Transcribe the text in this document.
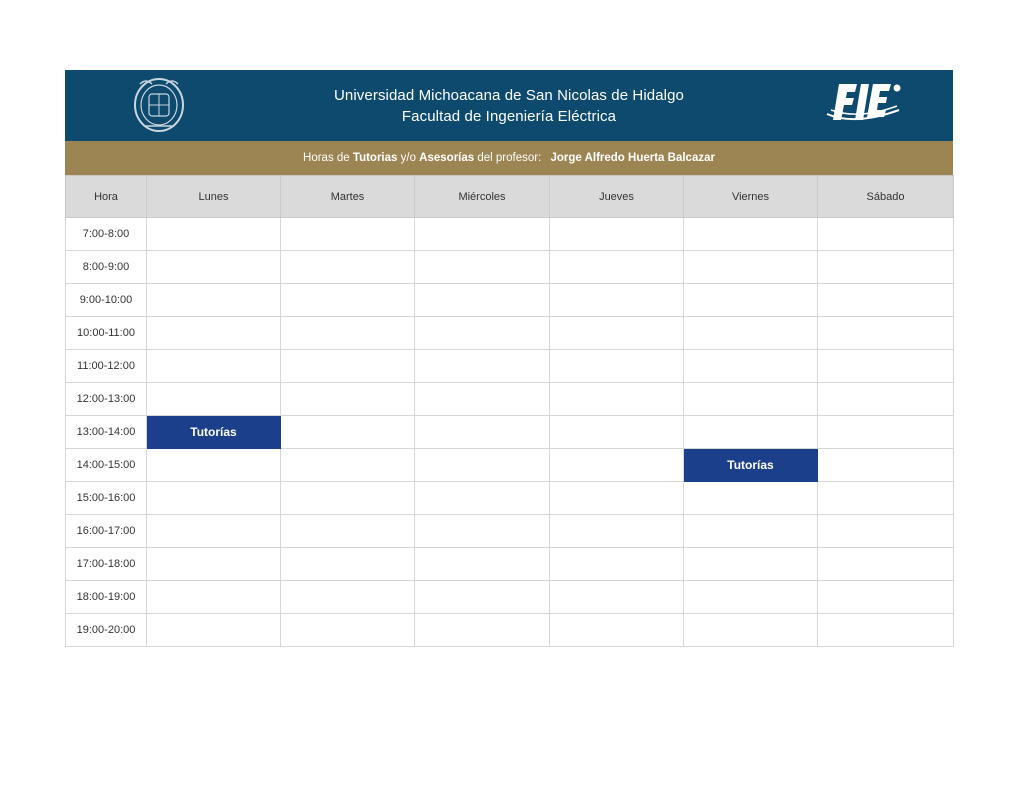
Universidad Michoacana de San Nicolas de Hidalgo
Facultad de Ingeniería Eléctrica
Horas de Tutorias y/o Asesorías del profesor: Jorge Alfredo Huerta Balcazar
Hora	Lunes	Martes	Miércoles	Jueves	Viernes	Sábado
7:00-8:00						
8:00-9:00						
9:00-10:00						
10:00-11:00						
11:00-12:00						
12:00-13:00						
13:00-14:00	Tutorías					
14:00-15:00					Tutorías	
15:00-16:00						
16:00-17:00						
17:00-18:00						
18:00-19:00						
19:00-20:00						
